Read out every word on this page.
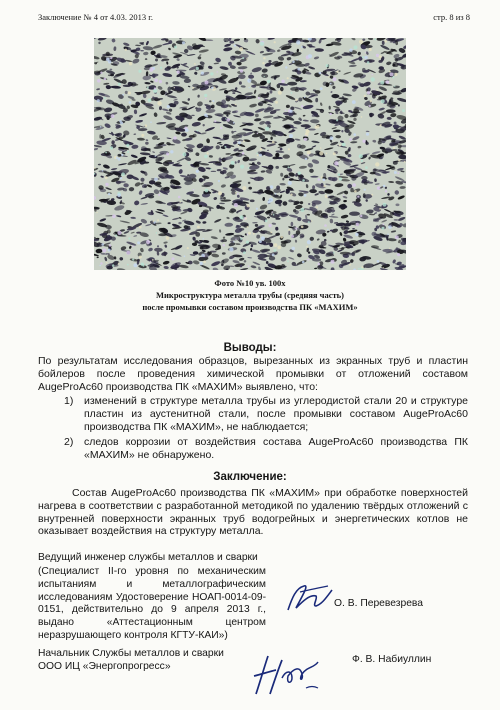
Заключение № 4 от 4.03. 2013 г.	стр. 8 из 8
Фото №10 ув. 100х
Микроструктура металла трубы (средняя часть)
после промывки составом производства ПК «МАХИМ»
Выводы:
По результатам исследования образцов, вырезанных из экранных труб и пластин бойлеров после проведения химической промывки от отложений составом AugeProAc60 производства ПК «МАХИМ» выявлено, что:
1) изменений в структуре металла трубы из углеродистой стали 20 и структуре пластин из аустенитной стали, после промывки составом AugeProAc60 производства ПК «МАХИМ», не наблюдается;
2) следов коррозии от воздействия состава AugeProAc60 производства ПК «МАХИМ» не обнаружено.
Заключение:
Состав AugeProAc60 производства ПК «МАХИМ» при обработке поверхностей нагрева в соответствии с разработанной методикой по удалению твёрдых отложений с внутренней поверхности экранных труб водогрейных и энергетических котлов не оказывает воздействия на структуру металла.
Ведущий инженер службы металлов и сварки
(Специалист II-го уровня по механическим испытаниям и металлографическим исследованиям Удостоверение НОАП-0014-09-0151, действительно до 9 апреля 2013 г., выдано «Аттестационным центром неразрушающего контроля КГТУ-КАИ»)
О. В. Перевезрева
Начальник Службы металлов и сварки
ООО ИЦ «Энергопрогресс»
Ф. В. Набиуллин
